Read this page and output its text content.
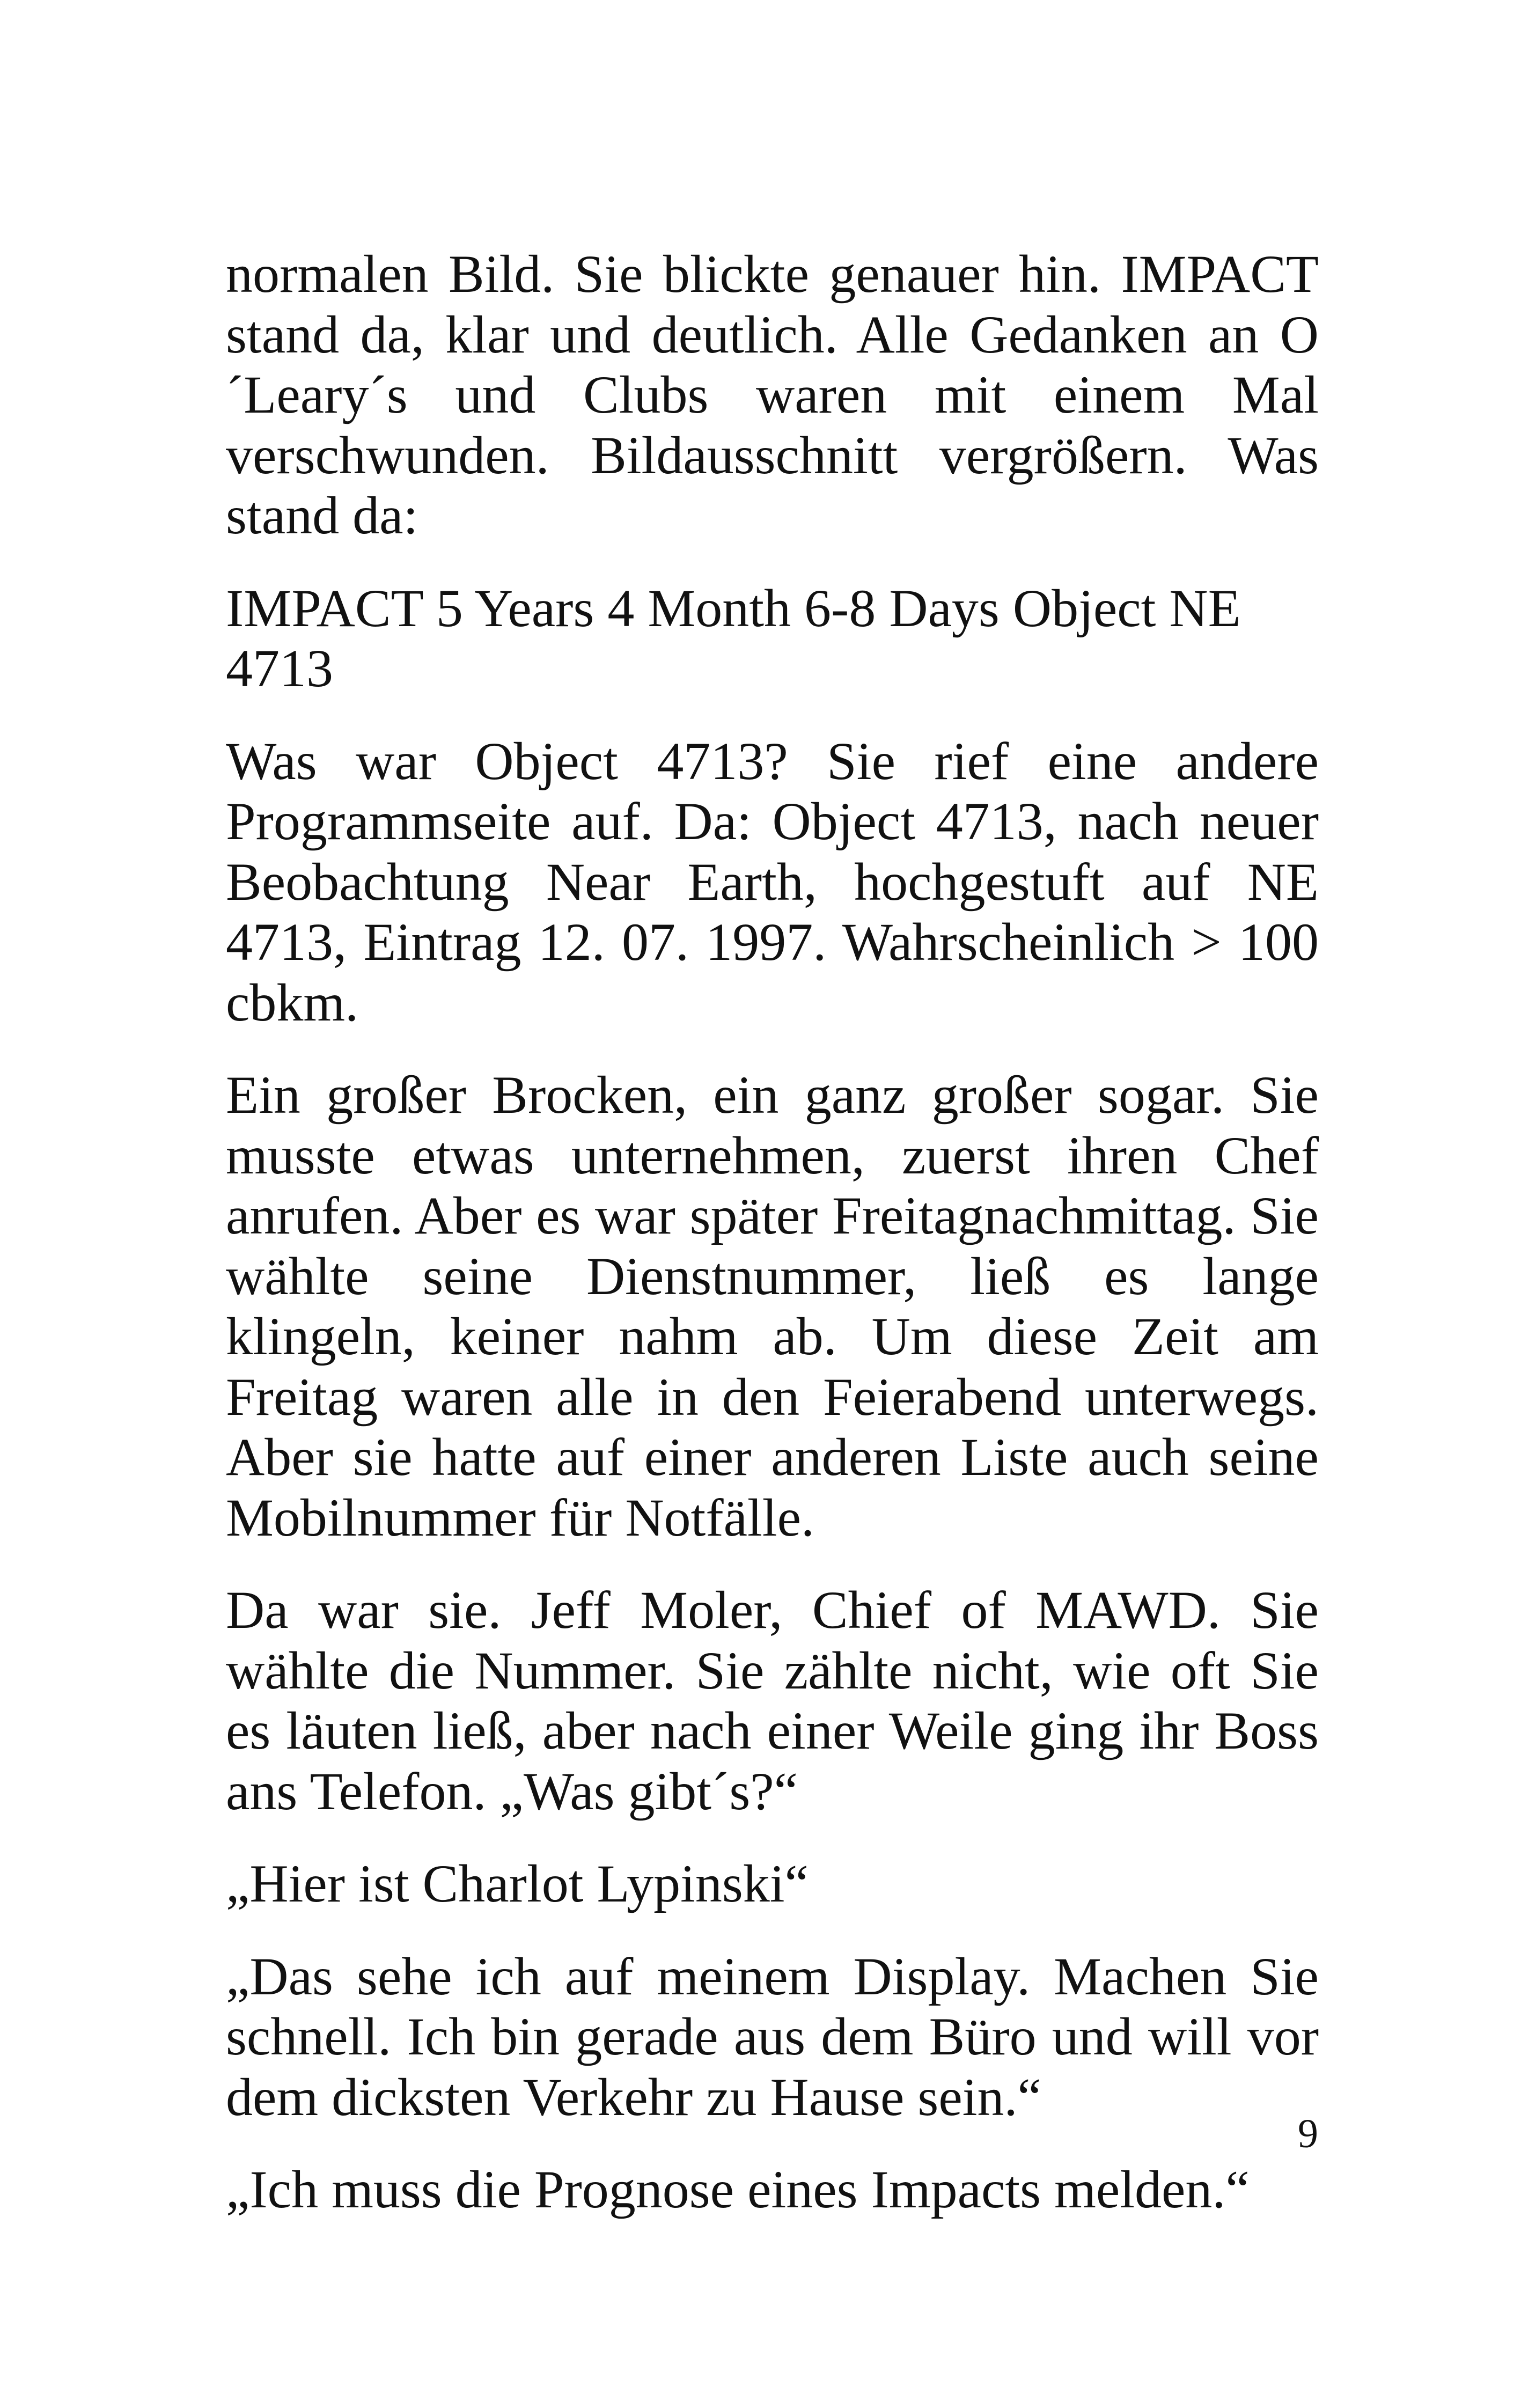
normalen Bild. Sie blickte genauer hin. IMPACT stand da, klar und deutlich. Alle Gedanken an O´Leary´s und Clubs waren mit einem Mal verschwunden. Bildausschnitt vergrößern. Was stand da:

IMPACT 5 Years 4 Month 6-8 Days Object NE 4713

Was war Object 4713? Sie rief eine andere Programmseite auf. Da: Object 4713, nach neuer Beobachtung Near Earth, hochgestuft auf NE 4713, Eintrag 12. 07. 1997. Wahrscheinlich > 100 cbkm.

Ein großer Brocken, ein ganz großer sogar. Sie musste etwas unternehmen, zuerst ihren Chef anrufen. Aber es war später Freitagnachmittag. Sie wählte seine Dienstnummer, ließ es lange klingeln, keiner nahm ab. Um diese Zeit am Freitag waren alle in den Feierabend unterwegs. Aber sie hatte auf einer anderen Liste auch seine Mobilnummer für Notfälle.

Da war sie. Jeff Moler, Chief of MAWD. Sie wählte die Nummer. Sie zählte nicht, wie oft Sie es läuten ließ, aber nach einer Weile ging ihr Boss ans Telefon. „Was gibt´s?“

„Hier ist Charlot Lypinski“

„Das sehe ich auf meinem Display. Machen Sie schnell. Ich bin gerade aus dem Büro und will vor dem dicksten Verkehr zu Hause sein.“

„Ich muss die Prognose eines Impacts melden.“

9
